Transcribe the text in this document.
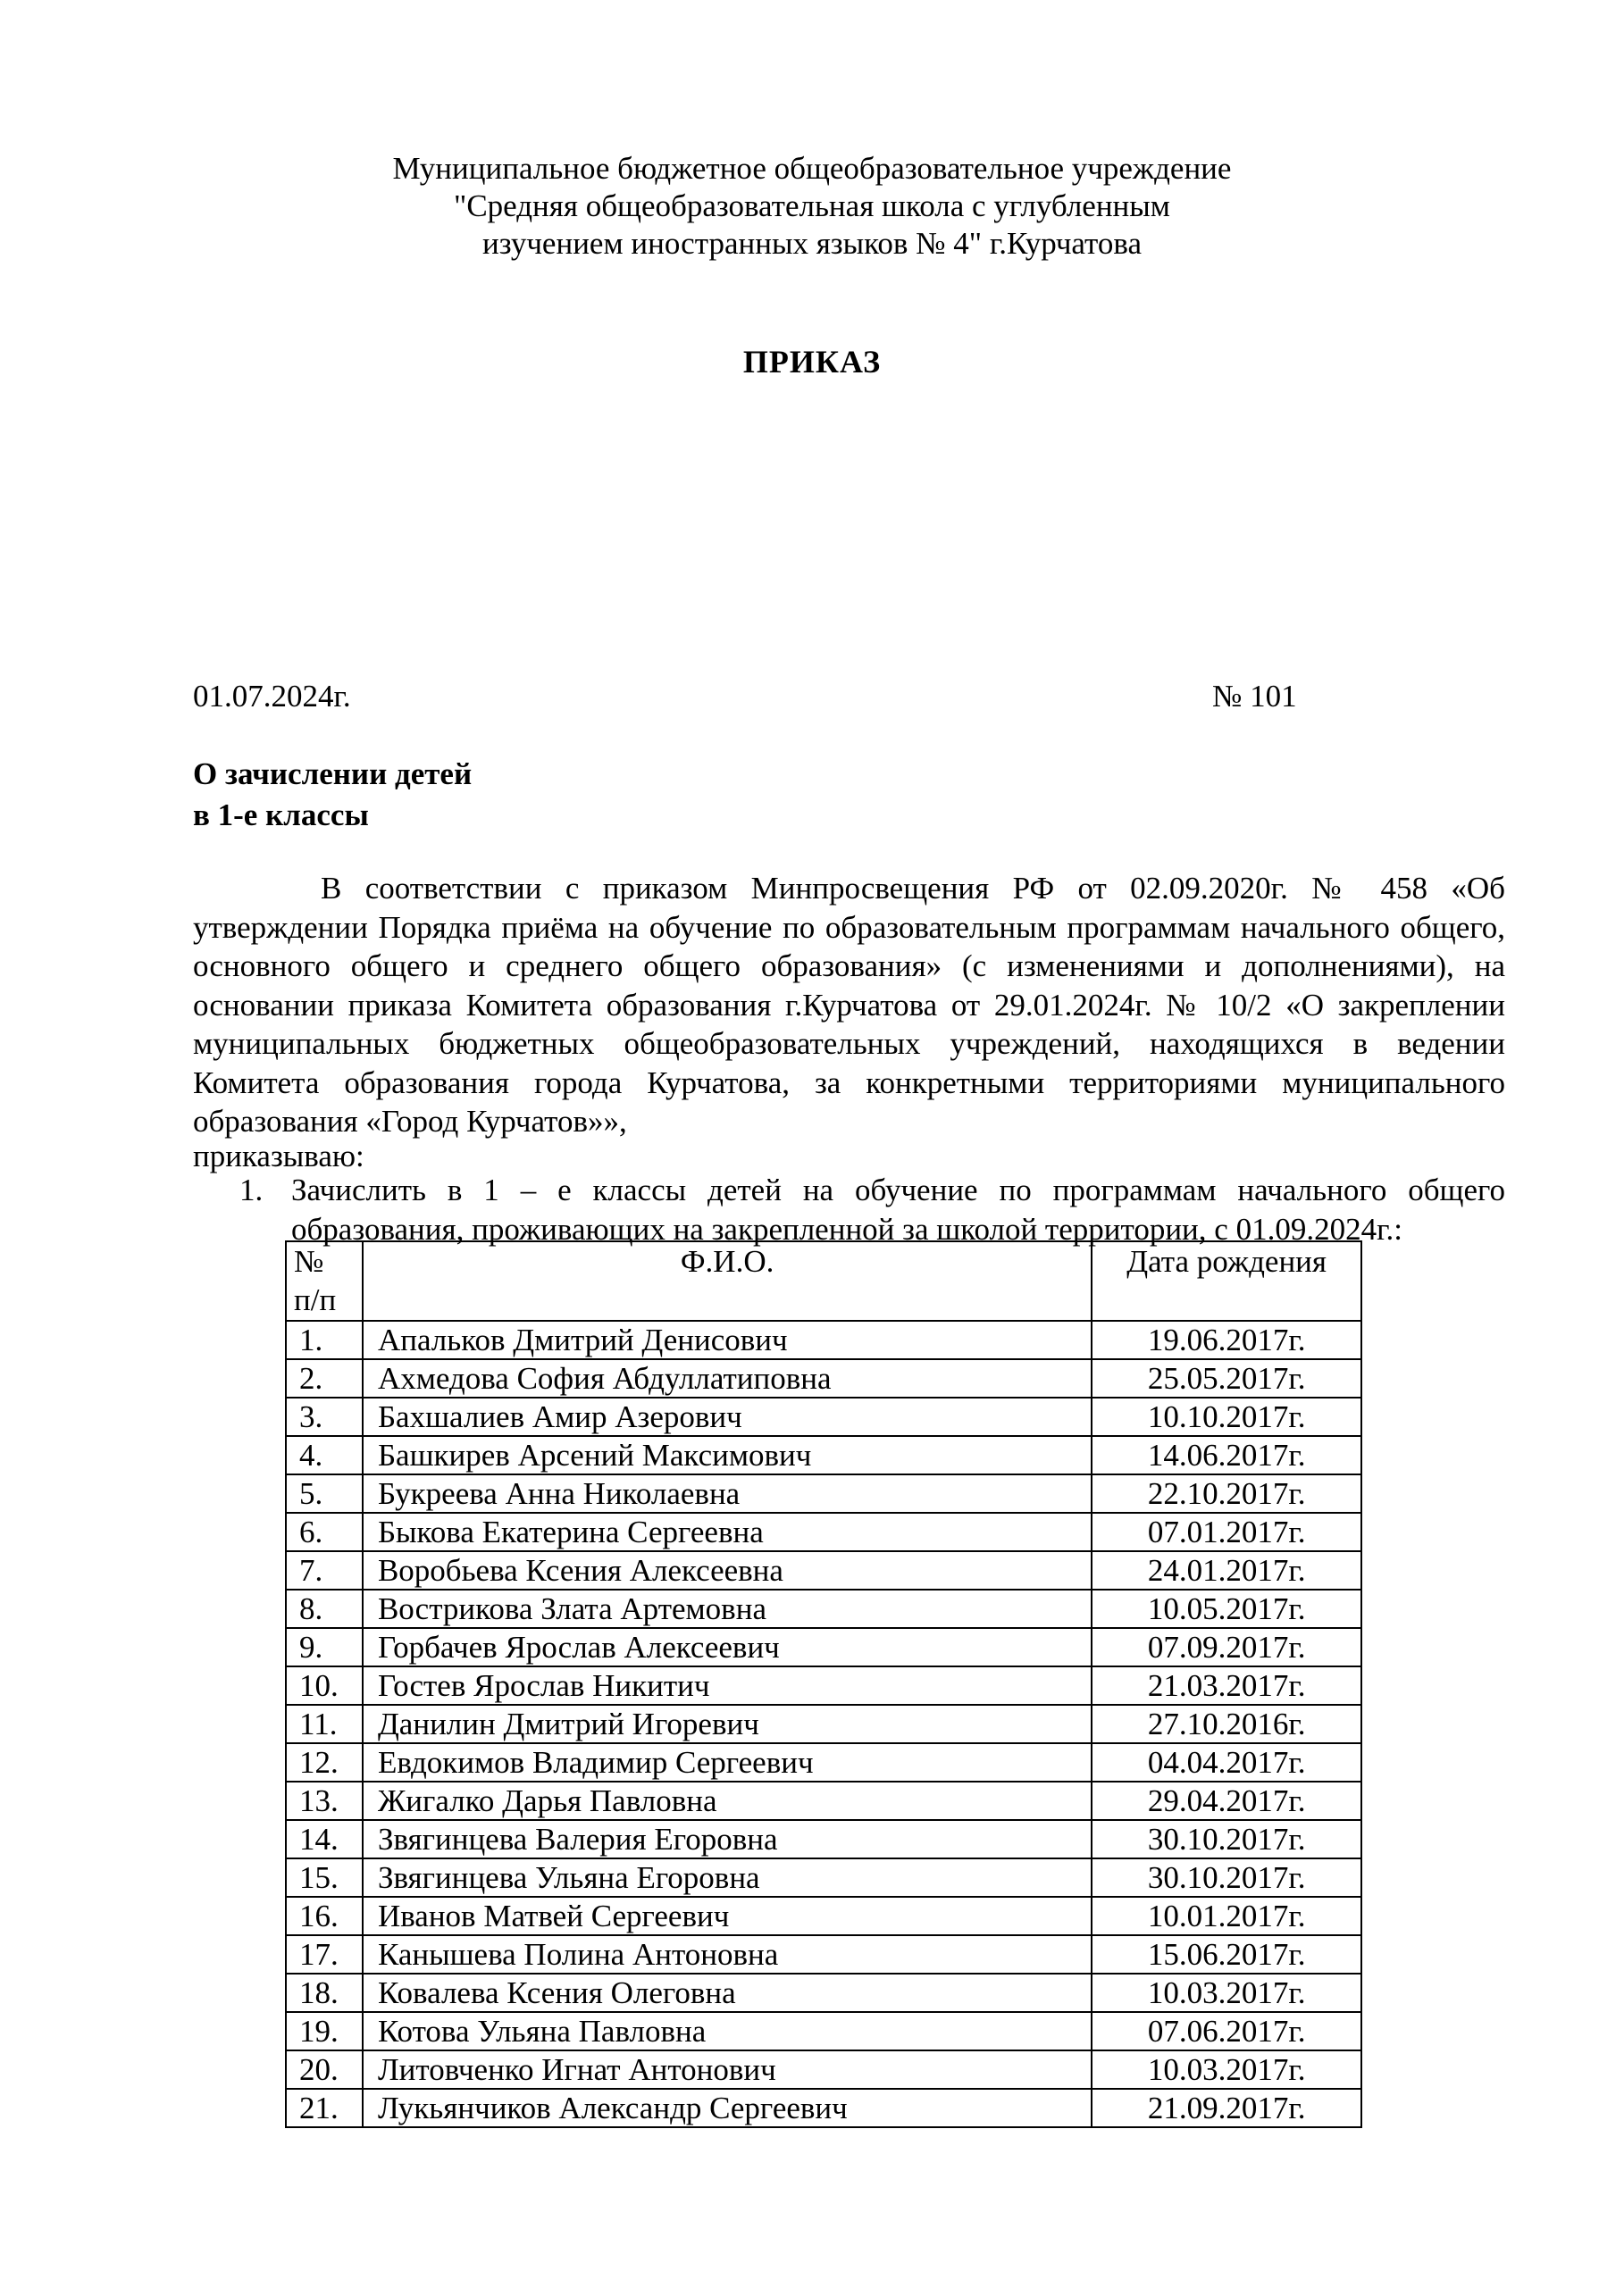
Муниципальное бюджетное общеобразовательное учреждение
"Средняя общеобразовательная школа с углубленным
изучением иностранных языков № 4" г.Курчатова
ПРИКАЗ
01.07.2024г.	№ 101
О зачислении детей
в 1-е классы
В соответствии с приказом Минпросвещения РФ от 02.09.2020г. № 458 «Об утверждении Порядка приёма на обучение по образовательным программам начального общего, основного общего и среднего общего образования» (с изменениями и дополнениями), на основании приказа Комитета образования г.Курчатова от 29.01.2024г. № 10/2 «О закреплении муниципальных бюджетных общеобразовательных учреждений, находящихся в ведении Комитета образования города Курчатова, за конкретными территориями муниципального образования «Город Курчатов»»,
приказываю:
1. Зачислить в 1 – е классы детей на обучение по программам начального общего образования, проживающих на закрепленной за школой территории, с 01.09.2024г.:
№
п/п	Ф.И.О.	Дата рождения
1.	Апальков Дмитрий Денисович	19.06.2017г.
2.	Ахмедова София Абдуллатиповна	25.05.2017г.
3.	Бахшалиев Амир Азерович	10.10.2017г.
4.	Башкирев Арсений Максимович	14.06.2017г.
5.	Букреева Анна Николаевна	22.10.2017г.
6.	Быкова Екатерина Сергеевна	07.01.2017г.
7.	Воробьева Ксения Алексеевна	24.01.2017г.
8.	Вострикова Злата Артемовна	10.05.2017г.
9.	Горбачев Ярослав Алексеевич	07.09.2017г.
10.	Гостев Ярослав Никитич	21.03.2017г.
11.	Данилин Дмитрий Игоревич	27.10.2016г.
12.	Евдокимов Владимир Сергеевич	04.04.2017г.
13.	Жигалко Дарья Павловна	29.04.2017г.
14.	Звягинцева Валерия Егоровна	30.10.2017г.
15.	Звягинцева Ульяна Егоровна	30.10.2017г.
16.	Иванов Матвей Сергеевич	10.01.2017г.
17.	Канышева Полина Антоновна	15.06.2017г.
18.	Ковалева Ксения Олеговна	10.03.2017г.
19.	Котова Ульяна Павловна	07.06.2017г.
20.	Литовченко Игнат Антонович	10.03.2017г.
21.	Лукьянчиков Александр Сергеевич	21.09.2017г.
